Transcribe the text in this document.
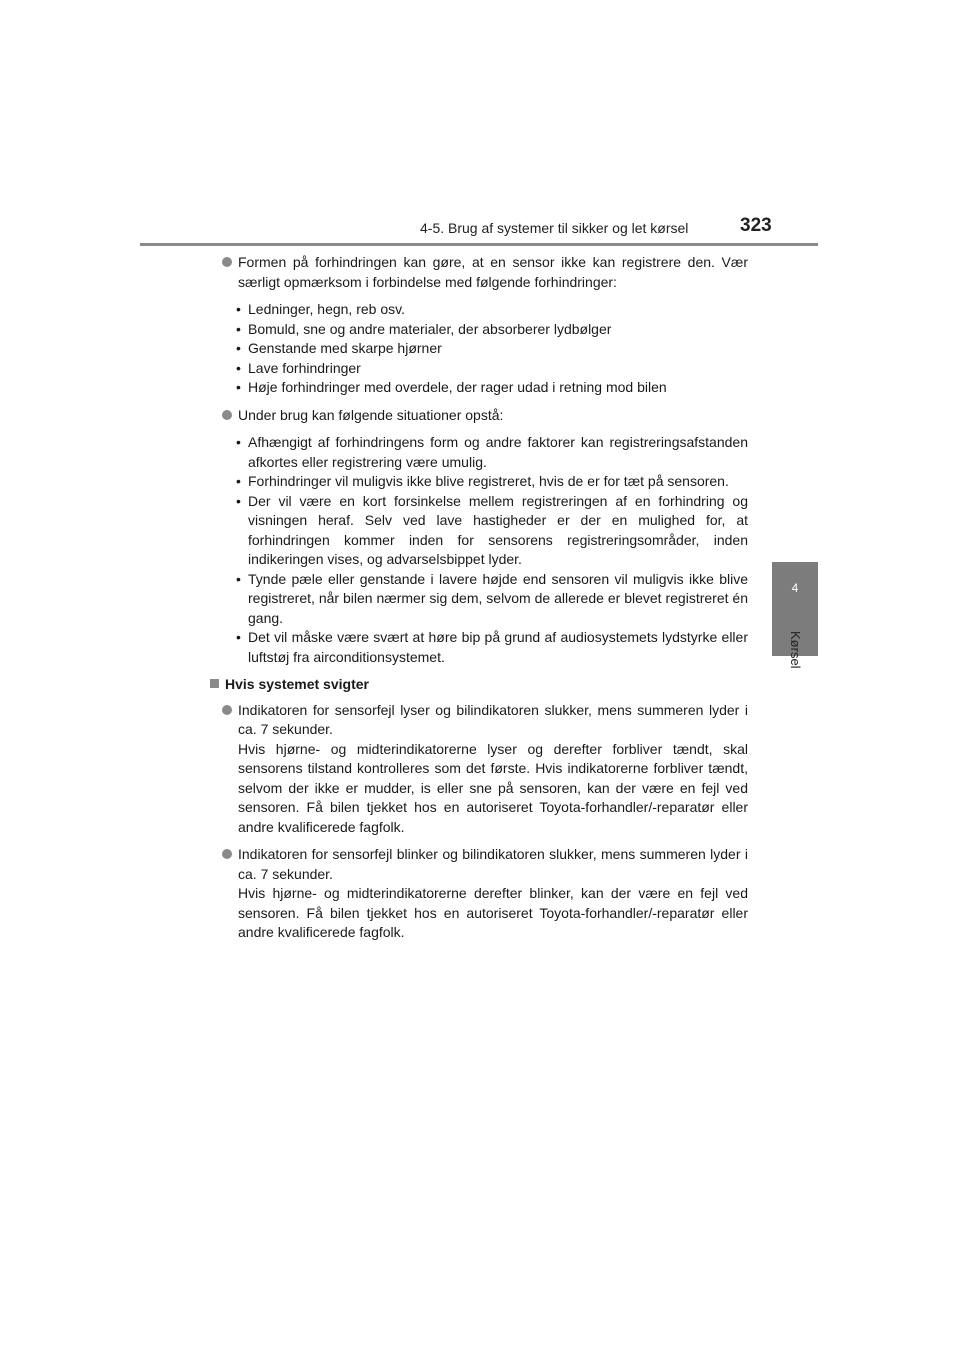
4-5. Brug af systemer til sikker og let kørsel	323
4
Kørsel
Formen på forhindringen kan gøre, at en sensor ikke kan registrere den. Vær særligt opmærksom i forbindelse med følgende forhindringer:
• Ledninger, hegn, reb osv.
• Bomuld, sne og andre materialer, der absorberer lydbølger
• Genstande med skarpe hjørner
• Lave forhindringer
• Høje forhindringer med overdele, der rager udad i retning mod bilen
Under brug kan følgende situationer opstå:
• Afhængigt af forhindringens form og andre faktorer kan registreringsafstanden afkortes eller registrering være umulig.
• Forhindringer vil muligvis ikke blive registreret, hvis de er for tæt på sensoren.
• Der vil være en kort forsinkelse mellem registreringen af en forhindring og visningen heraf. Selv ved lave hastigheder er der en mulighed for, at forhindringen kommer inden for sensorens registreringsområder, inden indikeringen vises, og advarselsbippet lyder.
• Tynde pæle eller genstande i lavere højde end sensoren vil muligvis ikke blive registreret, når bilen nærmer sig dem, selvom de allerede er blevet registreret én gang.
• Det vil måske være svært at høre bip på grund af audiosystemets lydstyrke eller luftstøj fra airconditionsystemet.
Hvis systemet svigter
Indikatoren for sensorfejl lyser og bilindikatoren slukker, mens summeren lyder i ca. 7 sekunder.
Hvis hjørne- og midterindikatorerne lyser og derefter forbliver tændt, skal sensorens tilstand kontrolleres som det første. Hvis indikatorerne forbliver tændt, selvom der ikke er mudder, is eller sne på sensoren, kan der være en fejl ved sensoren. Få bilen tjekket hos en autoriseret Toyota-forhandler/-reparatør eller andre kvalificerede fagfolk.
Indikatoren for sensorfejl blinker og bilindikatoren slukker, mens summeren lyder i ca. 7 sekunder.
Hvis hjørne- og midterindikatorerne derefter blinker, kan der være en fejl ved sensoren. Få bilen tjekket hos en autoriseret Toyota-forhandler/-reparatør eller andre kvalificerede fagfolk.
